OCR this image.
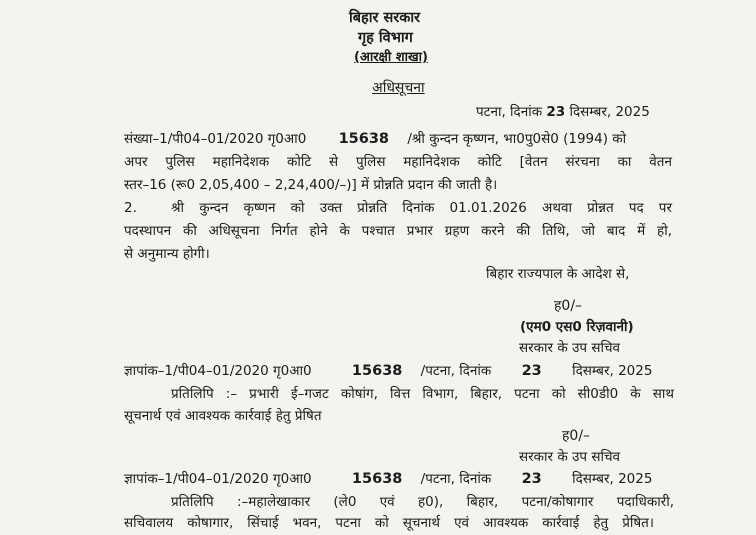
बिहार सरकार
गृह विभाग
(आरक्षी शाखा)
अधिसूचना
पटना, दिनांक 23 दिसम्बर, 2025
संख्या–1/पी04–01/2020 गृ0आ0 15638 /श्री कुन्दन कृष्णन, भा0पु0से0 (1994) को
अपर पुलिस महानिदेशक कोटि से पुलिस महानिदेशक कोटि [वेतन संरचना का वेतन
स्तर–16 (रू0 2,05,400 – 2,24,400/–)] में प्रोन्नति प्रदान की जाती है।
2.	श्री कुन्दन कृष्णन को उक्त प्रोन्नति दिनांक 01.01.2026 अथवा प्रोन्नत पद पर
पदस्थापन की अधिसूचना निर्गत होने के पश्चात प्रभार ग्रहण करने की तिथि, जो बाद में हो,
से अनुमान्य होगी।
बिहार राज्यपाल के आदेश से,
ह0/–
(एम0 एस0 रिज़वानी)
सरकार के उप सचिव
ज्ञापांक–1/पी04–01/2020 गृ0आ0	15638 /पटना, दिनांक 23 दिसम्बर, 2025
प्रतिलिपि :– प्रभारी ई–गजट कोषांग, वित्त विभाग, बिहार, पटना को सी0डी0 के साथ
सूचनार्थ एवं आवश्यक कार्रवाई हेतु प्रेषित
ह0/–
सरकार के उप सचिव
ज्ञापांक–1/पी04–01/2020 गृ0आ0	15638 /पटना, दिनांक 23 दिसम्बर, 2025
प्रतिलिपि :–महालेखाकार (ले0 एवं ह0), बिहार, पटना/कोषागार पदाधिकारी,
सचिवालय कोषागार, सिंचाई भवन, पटना को सूचनार्थ एवं आवश्यक कार्रवाई हेतु प्रेषित।
